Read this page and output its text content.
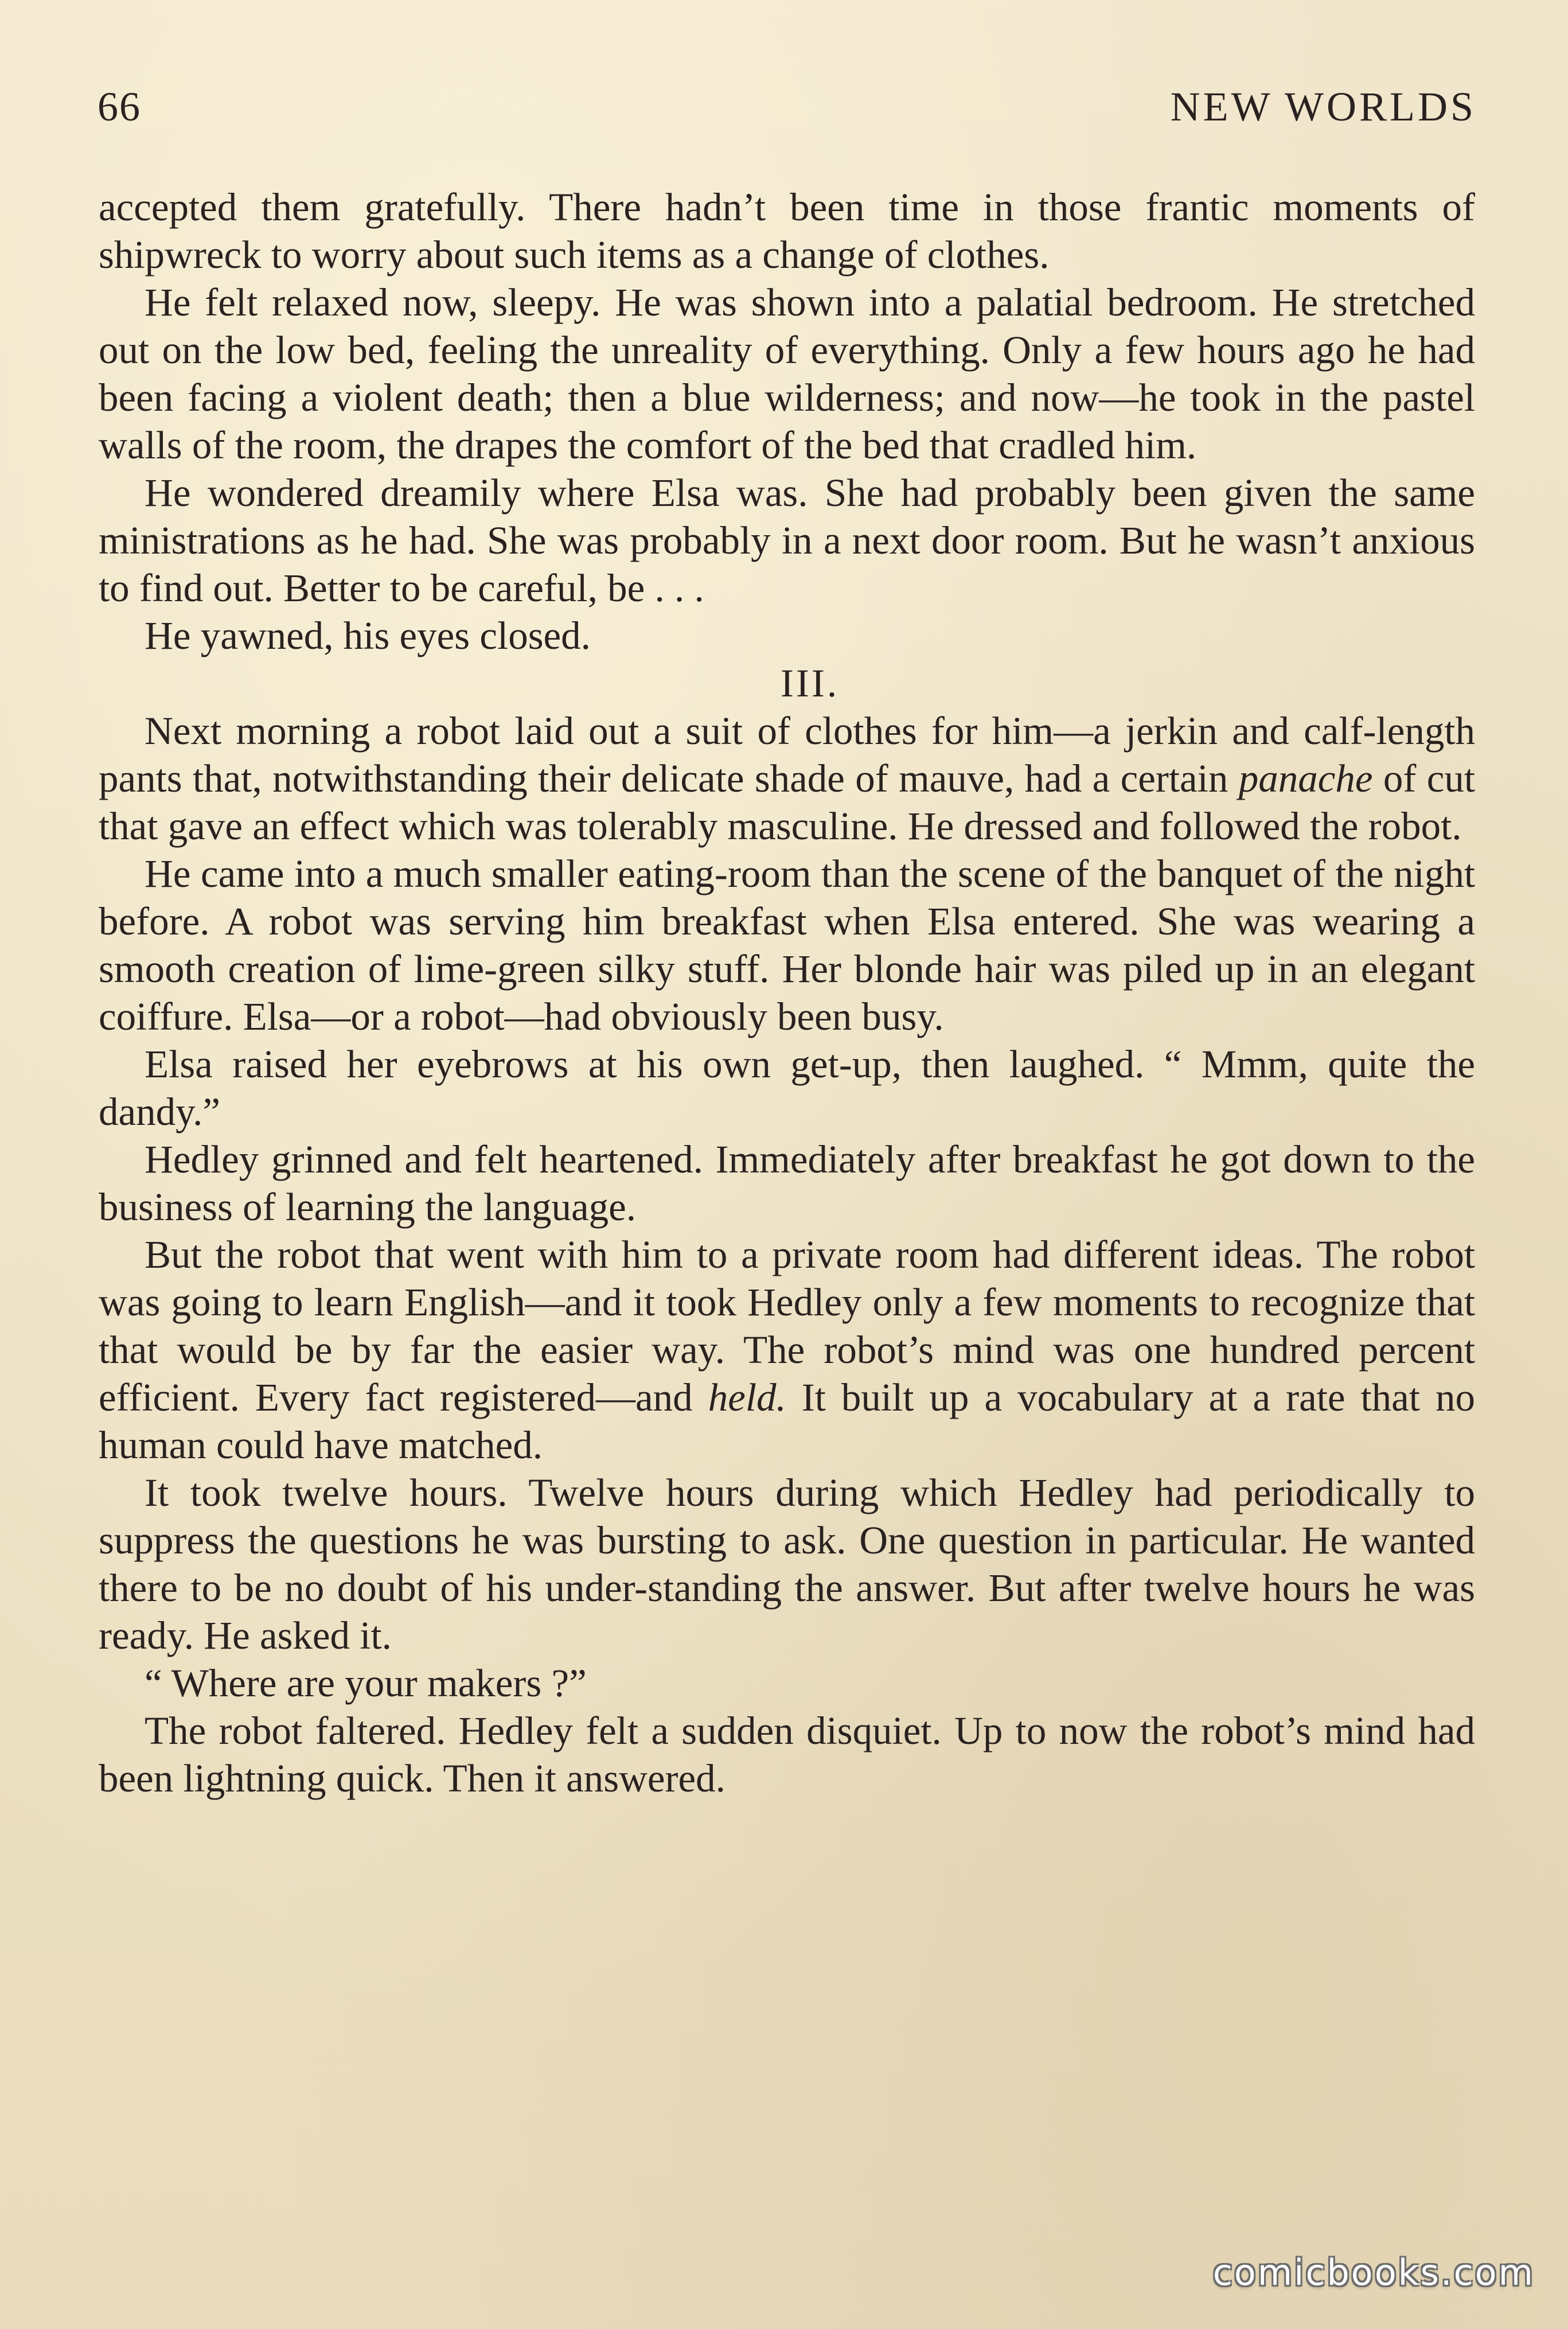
66	NEW WORLDS

accepted them gratefully. There hadn’t been time in those frantic moments of shipwreck to worry about such items as a change of clothes.

He felt relaxed now, sleepy. He was shown into a palatial bedroom. He stretched out on the low bed, feeling the unreality of everything. Only a few hours ago he had been facing a violent death; then a blue wilderness; and now—he took in the pastel walls of the room, the drapes the comfort of the bed that cradled him.

He wondered dreamily where Elsa was. She had probably been given the same ministrations as he had. She was probably in a next door room. But he wasn’t anxious to find out. Better to be careful, be . . .

He yawned, his eyes closed.

III.

Next morning a robot laid out a suit of clothes for him—a jerkin and calf-length pants that, notwithstanding their delicate shade of mauve, had a certain panache of cut that gave an effect which was tolerably masculine. He dressed and followed the robot.

He came into a much smaller eating-room than the scene of the banquet of the night before. A robot was serving him breakfast when Elsa entered. She was wearing a smooth creation of lime-green silky stuff. Her blonde hair was piled up in an elegant coiffure. Elsa—or a robot—had obviously been busy.

Elsa raised her eyebrows at his own get-up, then laughed. “ Mmm, quite the dandy.”

Hedley grinned and felt heartened. Immediately after breakfast he got down to the business of learning the language.

But the robot that went with him to a private room had different ideas. The robot was going to learn English—and it took Hedley only a few moments to recognize that that would be by far the easier way. The robot’s mind was one hundred percent efficient. Every fact registered—and held. It built up a vocabulary at a rate that no human could have matched.

It took twelve hours. Twelve hours during which Hedley had periodically to suppress the questions he was bursting to ask. One question in particular. He wanted there to be no doubt of his under-standing the answer. But after twelve hours he was ready. He asked it.

“ Where are your makers ?”

The robot faltered. Hedley felt a sudden disquiet. Up to now the robot’s mind had been lightning quick. Then it answered.

comicbooks.com
